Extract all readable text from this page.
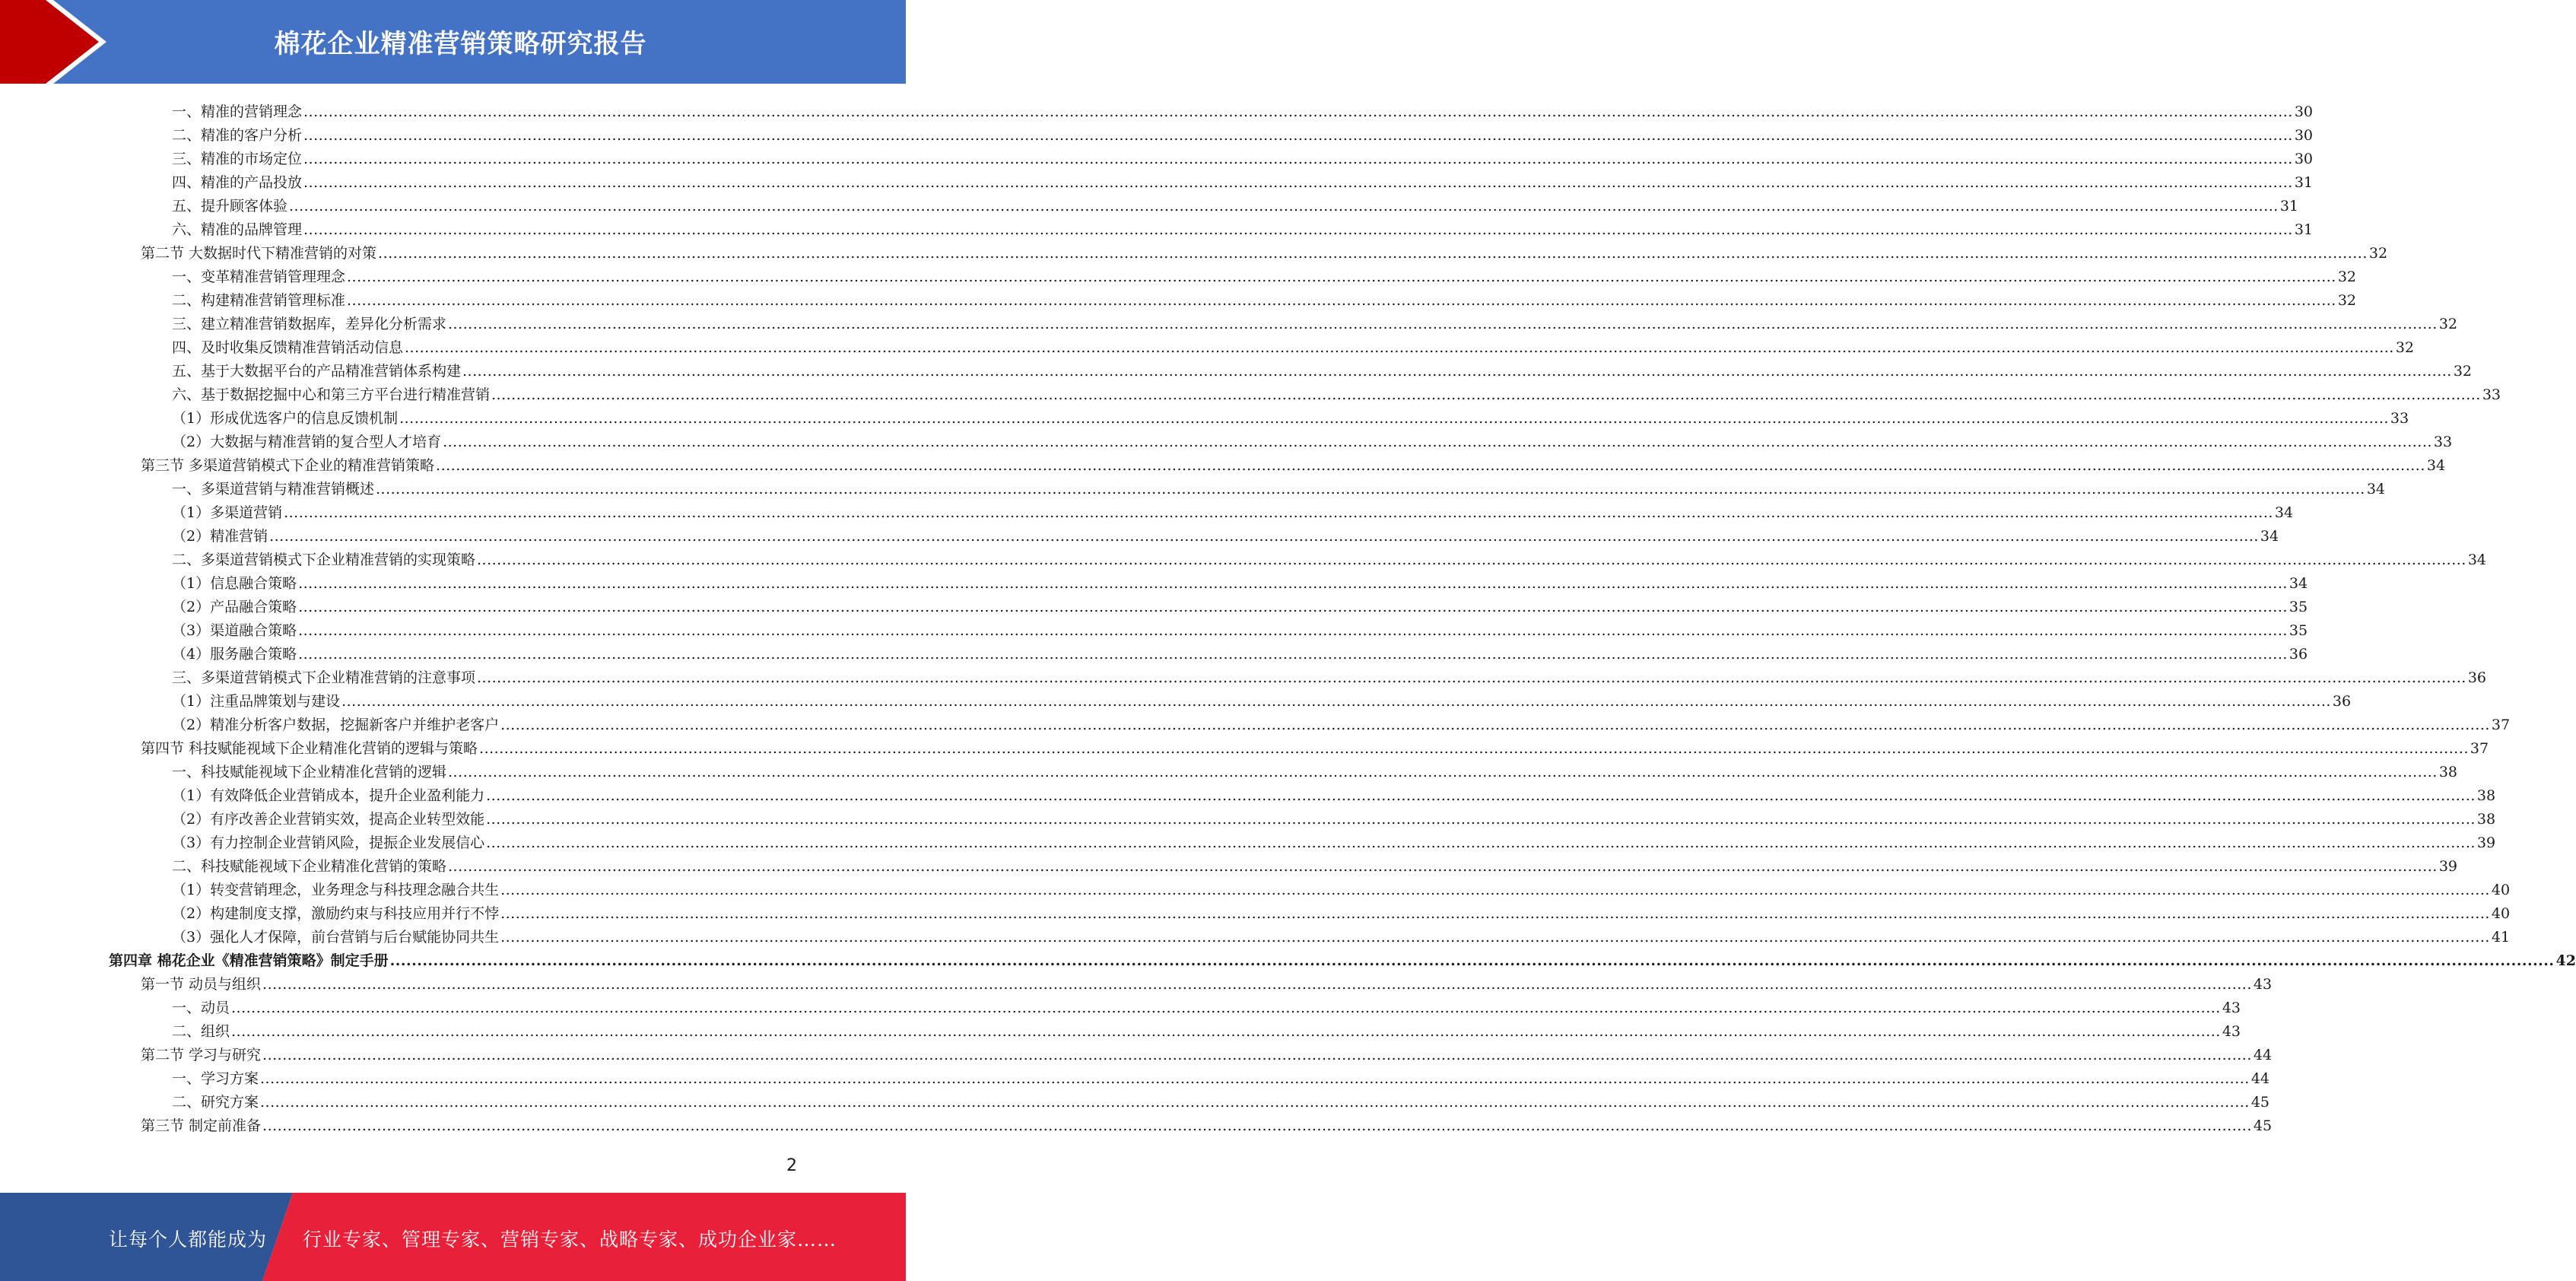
棉花企业精准营销策略研究报告
一、精准的营销理念 ................................................................................................................................................................................................................................................................................................................................................................................................................ 30
二、精准的客户分析 ................................................................................................................................................................................................................................................................................................................................................................................................................ 30
三、精准的市场定位 ................................................................................................................................................................................................................................................................................................................................................................................................................ 30
四、精准的产品投放 ................................................................................................................................................................................................................................................................................................................................................................................................................ 31
五、提升顾客体验 ................................................................................................................................................................................................................................................................................................................................................................................................................ 31
六、精准的品牌管理 ................................................................................................................................................................................................................................................................................................................................................................................................................ 31
第二节 大数据时代下精准营销的对策 ................................................................................................................................................................................................................................................................................................................................................................................................................ 32
一、变革精准营销管理理念 ................................................................................................................................................................................................................................................................................................................................................................................................................ 32
二、构建精准营销管理标准 ................................................................................................................................................................................................................................................................................................................................................................................................................ 32
三、建立精准营销数据库，差异化分析需求 ................................................................................................................................................................................................................................................................................................................................................................................................................ 32
四、及时收集反馈精准营销活动信息 ................................................................................................................................................................................................................................................................................................................................................................................................................ 32
五、基于大数据平台的产品精准营销体系构建 ................................................................................................................................................................................................................................................................................................................................................................................................................ 32
六、基于数据挖掘中心和第三方平台进行精准营销 ................................................................................................................................................................................................................................................................................................................................................................................................................ 33
（1）形成优选客户的信息反馈机制 ................................................................................................................................................................................................................................................................................................................................................................................................................ 33
（2）大数据与精准营销的复合型人才培育 ................................................................................................................................................................................................................................................................................................................................................................................................................ 33
第三节 多渠道营销模式下企业的精准营销策略 ................................................................................................................................................................................................................................................................................................................................................................................................................ 34
一、多渠道营销与精准营销概述 ................................................................................................................................................................................................................................................................................................................................................................................................................ 34
（1）多渠道营销 ................................................................................................................................................................................................................................................................................................................................................................................................................ 34
（2）精准营销 ................................................................................................................................................................................................................................................................................................................................................................................................................ 34
二、多渠道营销模式下企业精准营销的实现策略 ................................................................................................................................................................................................................................................................................................................................................................................................................ 34
（1）信息融合策略 ................................................................................................................................................................................................................................................................................................................................................................................................................ 34
（2）产品融合策略 ................................................................................................................................................................................................................................................................................................................................................................................................................ 35
（3）渠道融合策略 ................................................................................................................................................................................................................................................................................................................................................................................................................ 35
（4）服务融合策略 ................................................................................................................................................................................................................................................................................................................................................................................................................ 36
三、多渠道营销模式下企业精准营销的注意事项 ................................................................................................................................................................................................................................................................................................................................................................................................................ 36
（1）注重品牌策划与建设 ................................................................................................................................................................................................................................................................................................................................................................................................................ 36
（2）精准分析客户数据，挖掘新客户并维护老客户 ................................................................................................................................................................................................................................................................................................................................................................................................................ 37
第四节 科技赋能视域下企业精准化营销的逻辑与策略 ................................................................................................................................................................................................................................................................................................................................................................................................................ 37
一、科技赋能视域下企业精准化营销的逻辑 ................................................................................................................................................................................................................................................................................................................................................................................................................ 38
（1）有效降低企业营销成本，提升企业盈利能力 ................................................................................................................................................................................................................................................................................................................................................................................................................ 38
（2）有序改善企业营销实效，提高企业转型效能 ................................................................................................................................................................................................................................................................................................................................................................................................................ 38
（3）有力控制企业营销风险，提振企业发展信心 ................................................................................................................................................................................................................................................................................................................................................................................................................ 39
二、科技赋能视域下企业精准化营销的策略 ................................................................................................................................................................................................................................................................................................................................................................................................................ 39
（1）转变营销理念，业务理念与科技理念融合共生 ................................................................................................................................................................................................................................................................................................................................................................................................................ 40
（2）构建制度支撑，激励约束与科技应用并行不悖 ................................................................................................................................................................................................................................................................................................................................................................................................................ 40
（3）强化人才保障，前台营销与后台赋能协同共生 ................................................................................................................................................................................................................................................................................................................................................................................................................ 41
第四章 棉花企业《精准营销策略》制定手册 ................................................................................................................................................................................................................................................................................................................................................................................................................ 42
第一节 动员与组织 ................................................................................................................................................................................................................................................................................................................................................................................................................ 43
一、动员 ................................................................................................................................................................................................................................................................................................................................................................................................................ 43
二、组织 ................................................................................................................................................................................................................................................................................................................................................................................................................ 43
第二节 学习与研究 ................................................................................................................................................................................................................................................................................................................................................................................................................ 44
一、学习方案 ................................................................................................................................................................................................................................................................................................................................................................................................................ 44
二、研究方案 ................................................................................................................................................................................................................................................................................................................................................................................................................ 45
第三节 制定前准备 ................................................................................................................................................................................................................................................................................................................................................................................................................ 45
2
让每个人都能成为 行业专家、管理专家、营销专家、战略专家、成功企业家……
